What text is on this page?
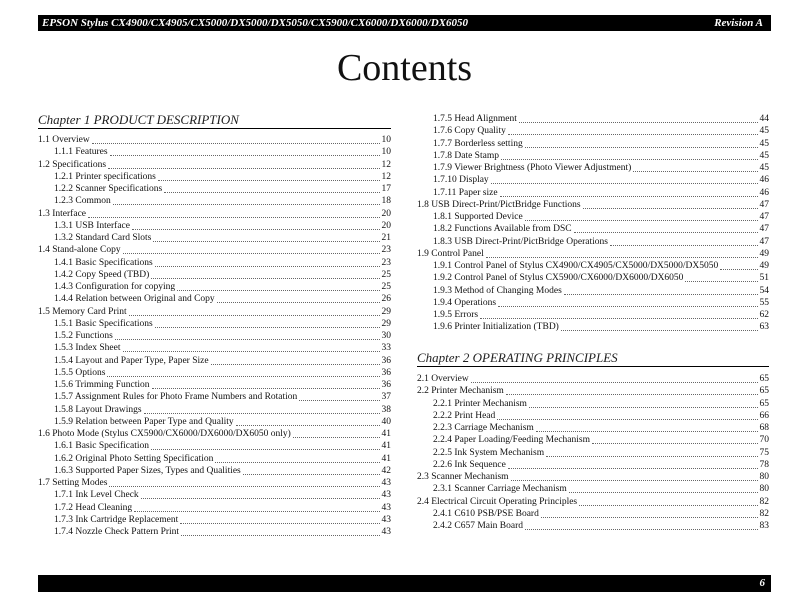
EPSON Stylus CX4900/CX4905/CX5000/DX5000/DX5050/CX5900/CX6000/DX6000/DX6050	Revision A
Contents
Chapter 1 PRODUCT DESCRIPTION
1.1 Overview	10
1.1.1 Features	10
1.2 Specifications	12
1.2.1 Printer specifications	12
1.2.2 Scanner Specifications	17
1.2.3 Common	18
1.3 Interface	20
1.3.1 USB Interface	20
1.3.2 Standard Card Slots	21
1.4 Stand-alone Copy	23
1.4.1 Basic Specifications	23
1.4.2 Copy Speed (TBD)	25
1.4.3 Configuration for copying	25
1.4.4 Relation between Original and Copy	26
1.5 Memory Card Print	29
1.5.1 Basic Specifications	29
1.5.2 Functions	30
1.5.3 Index Sheet	33
1.5.4 Layout and Paper Type, Paper Size	36
1.5.5 Options	36
1.5.6 Trimming Function	36
1.5.7 Assignment Rules for Photo Frame Numbers and Rotation	37
1.5.8 Layout Drawings	38
1.5.9 Relation between Paper Type and Quality	40
1.6 Photo Mode (Stylus CX5900/CX6000/DX6000/DX6050 only)	41
1.6.1 Basic Specification	41
1.6.2 Original Photo Setting Specification	41
1.6.3 Supported Paper Sizes, Types and Qualities	42
1.7 Setting Modes	43
1.7.1 Ink Level Check	43
1.7.2 Head Cleaning	43
1.7.3 Ink Cartridge Replacement	43
1.7.4 Nozzle Check Pattern Print	43
Chapter 2 OPERATING PRINCIPLES
1.7.5 Head Alignment	44
1.7.6 Copy Quality	45
1.7.7 Borderless setting	45
1.7.8 Date Stamp	45
1.7.9 Viewer Brightness (Photo Viewer Adjustment)	45
1.7.10 Display	46
1.7.11 Paper size	46
1.8 USB Direct-Print/PictBridge Functions	47
1.8.1 Supported Device	47
1.8.2 Functions Available from DSC	47
1.8.3 USB Direct-Print/PictBridge Operations	47
1.9 Control Panel	49
1.9.1 Control Panel of Stylus CX4900/CX4905/CX5000/DX5000/DX5050	49
1.9.2 Control Panel of Stylus CX5900/CX6000/DX6000/DX6050	51
1.9.3 Method of Changing Modes	54
1.9.4 Operations	55
1.9.5 Errors	62
1.9.6 Printer Initialization (TBD)	63
2.1 Overview	65
2.2 Printer Mechanism	65
2.2.1 Printer Mechanism	65
2.2.2 Print Head	66
2.2.3 Carriage Mechanism	68
2.2.4 Paper Loading/Feeding Mechanism	70
2.2.5 Ink System Mechanism	75
2.2.6 Ink Sequence	78
2.3 Scanner Mechanism	80
2.3.1 Scanner Carriage Mechanism	80
2.4 Electrical Circuit Operating Principles	82
2.4.1 C610 PSB/PSE Board	82
2.4.2 C657 Main Board	83
6
